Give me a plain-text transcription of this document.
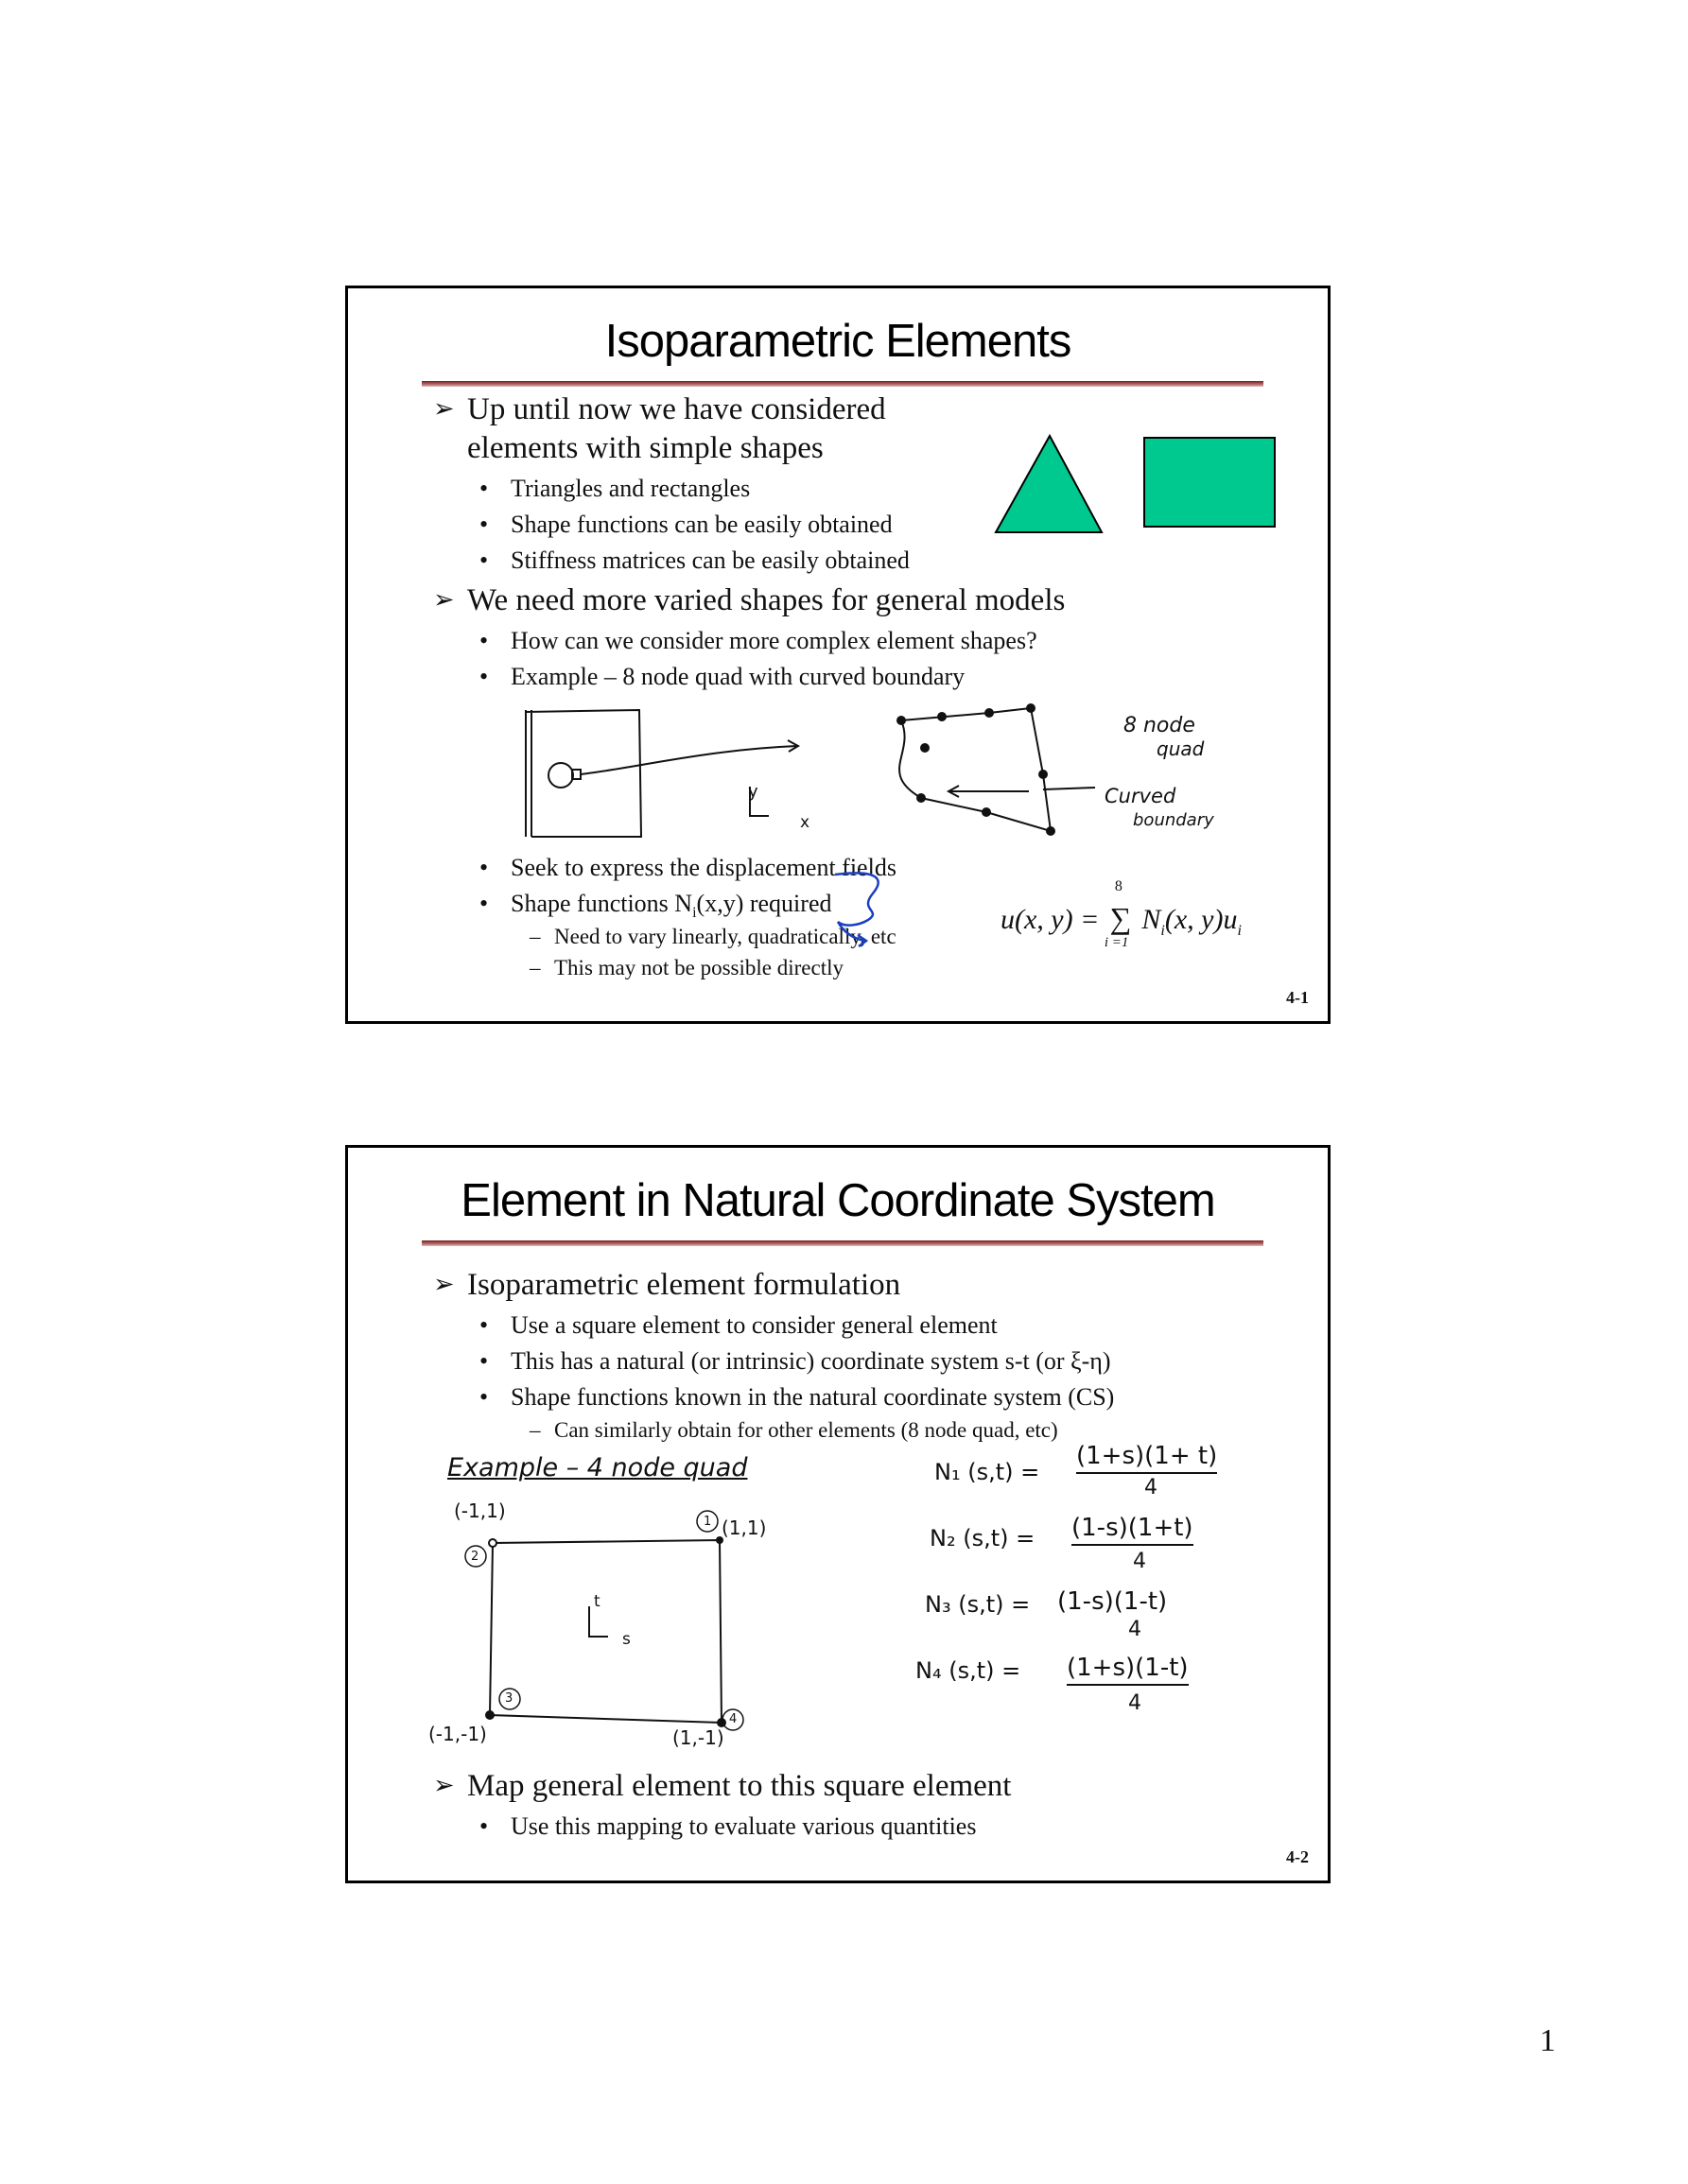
Isoparametric Elements
➢ Up until now we have considered
elements with simple shapes
• Triangles and rectangles
• Shape functions can be easily obtained
• Stiffness matrices can be easily obtained
➢ We need more varied shapes for general models
• How can we consider more complex element shapes?
• Example – 8 node quad with curved boundary
y
x
8 node
quad
Curved
boundary
• Seek to express the displacement fields
• Shape functions $N_i(x,y)$ required
– Need to vary linearly, quadratically, etc
– This may not be possible directly
u(x, y) =
8
∑
i =1
$N_i(x$, $y)u_i$
4-1
Element in Natural Coordinate System
➢ Isoparametric element formulation
• Use a square element to consider general element
• This has a natural (or intrinsic) coordinate system s-t (or ξ-η)
• Shape functions known in the natural coordinate system (CS)
– Can similarly obtain for other elements (8 node quad, etc)
Example – 4 node quad
2
1
3
4
t
s
(-1,1)
(1,1)
(-1,-1)	(1,-1)
N₁ (s,t) =
(1+s)(1+ t)
4
N₂ (s,t) = (1-s)(1+t)
4
N₃ (s,t) = (1-s)(1-t)
4
N₄ (s,t) = (1+s)(1-t)
4
➢ Map general element to this square element
• Use this mapping to evaluate various quantities
4-2
1
